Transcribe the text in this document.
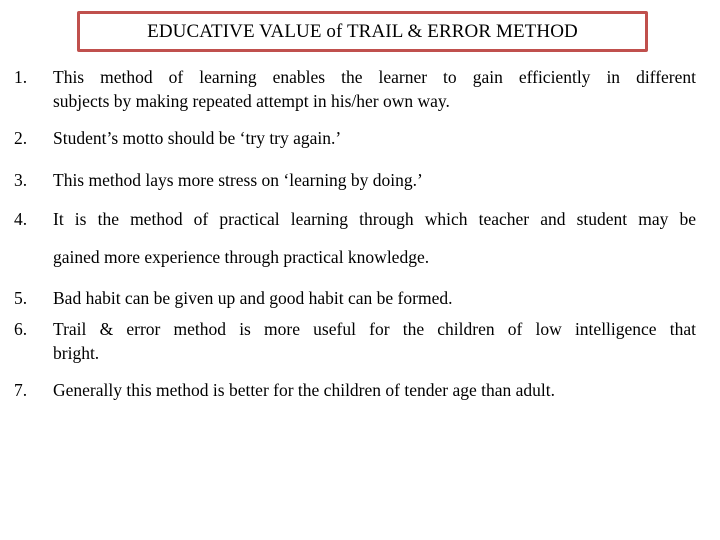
EDUCATIVE VALUE of TRAIL & ERROR METHOD
1. This method of learning enables the learner to gain efficiently in different
subjects by making repeated attempt in his/her own way.
2. Student’s motto should be ‘try try again.’
3. This method lays more stress on ‘learning by doing.’
4. It is the method of practical learning through which teacher and student may be
gained more experience through practical knowledge.
5. Bad habit can be given up and good habit can be formed.
6. Trail & error method is more useful for the children of low intelligence that
bright.
7. Generally this method is better for the children of tender age than adult.
